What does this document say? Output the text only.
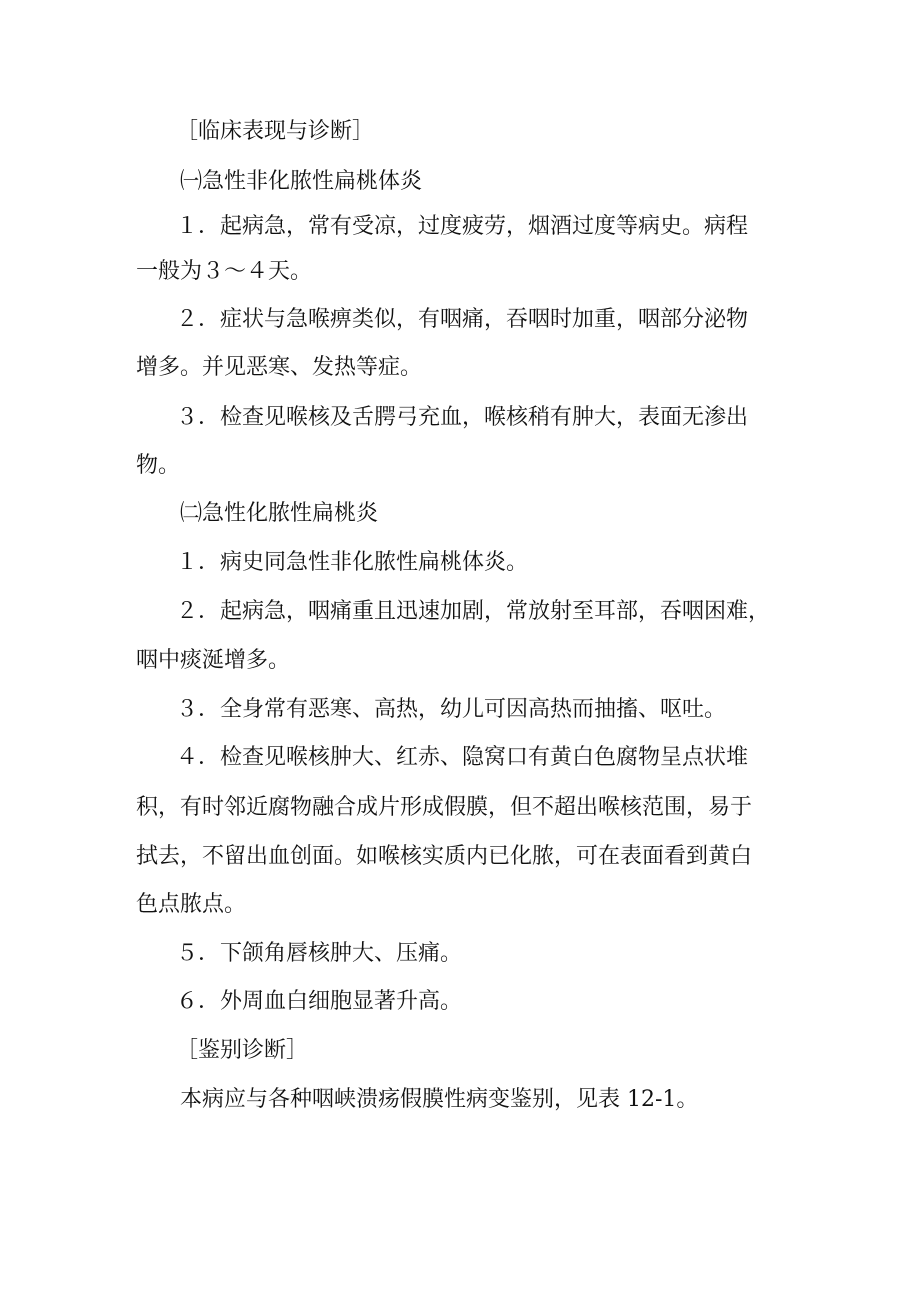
［临床表现与诊断］
㈠急性非化脓性扁桃体炎
１．起病急，常有受凉，过度疲劳，烟酒过度等病史。病程
一般为３～４天。
２．症状与急喉痹类似，有咽痛，吞咽时加重，咽部分泌物
增多。并见恶寒、发热等症。
３．检查见喉核及舌腭弓充血，喉核稍有肿大，表面无渗出
物。
㈡急性化脓性扁桃炎
１．病史同急性非化脓性扁桃体炎。
２．起病急，咽痛重且迅速加剧，常放射至耳部，吞咽困难，
咽中痰涎增多。
３．全身常有恶寒、高热，幼儿可因高热而抽搐、呕吐。
４．检查见喉核肿大、红赤、隐窝口有黄白色腐物呈点状堆
积，有时邻近腐物融合成片形成假膜，但不超出喉核范围，易于
拭去，不留出血创面。如喉核实质内已化脓，可在表面看到黄白
色点脓点。
５．下颌角唇核肿大、压痛。
６．外周血白细胞显著升高。
［鉴别诊断］
本病应与各种咽峡溃疡假膜性病变鉴别，见表 12-1。
